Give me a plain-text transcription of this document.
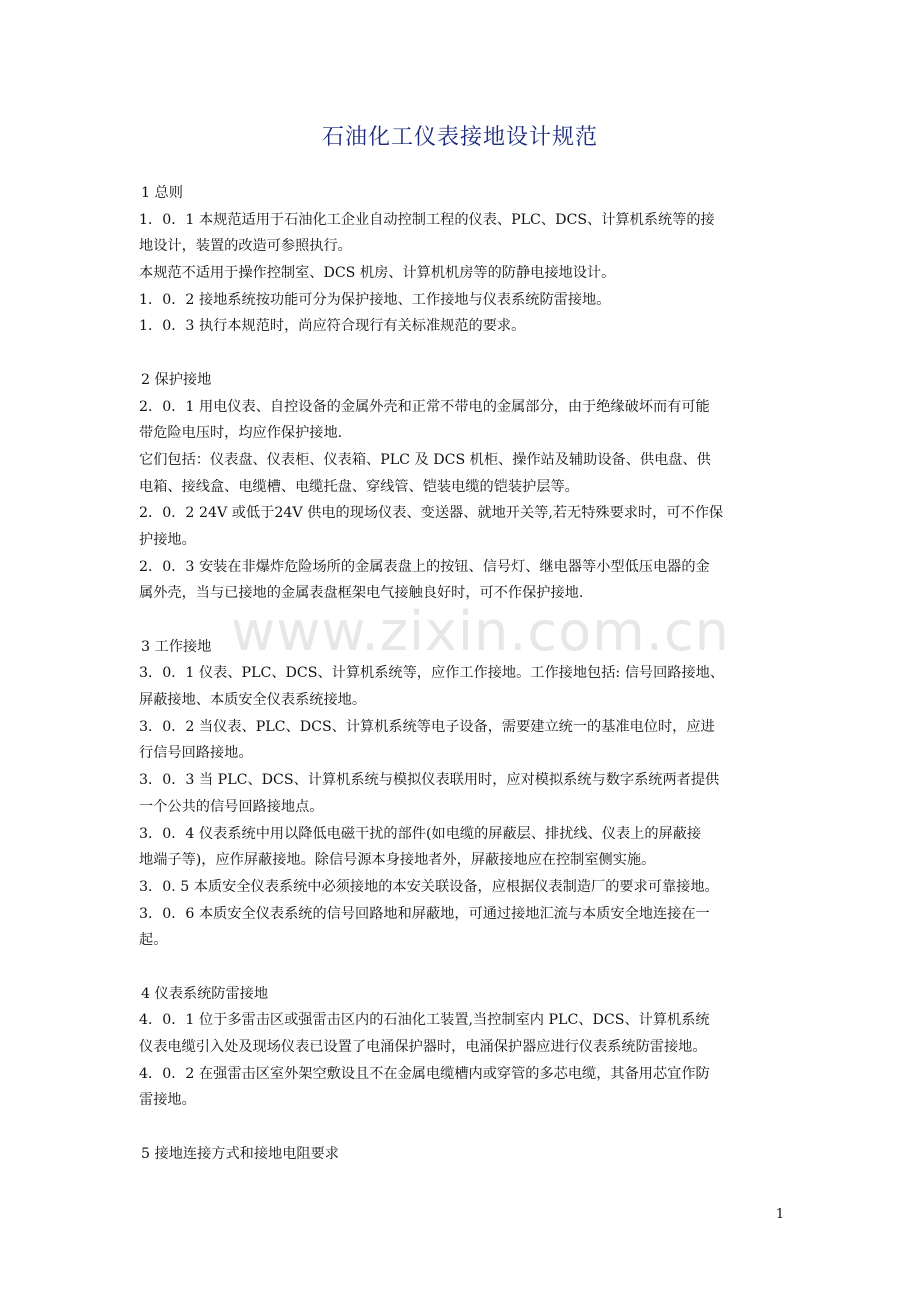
石油化工仪表接地设计规范
www.zixin.com.cn
1 总则
1．0．1 本规范适用于石油化工企业自动控制工程的仪表、PLC、DCS、计算机系统等的接
地设计，装置的改造可参照执行。
本规范不适用于操作控制室、DCS 机房、计算机机房等的防静电接地设计。
1．0．2 接地系统按功能可分为保护接地、工作接地与仪表系统防雷接地。
1．0．3 执行本规范时，尚应符合现行有关标准规范的要求。
2 保护接地
2．0．1 用电仪表、自控设备的金属外壳和正常不带电的金属部分，由于绝缘破坏而有可能
带危险电压时，均应作保护接地.
它们包括：仪表盘、仪表柜、仪表箱、PLC 及 DCS 机柜、操作站及辅助设备、供电盘、供
电箱、接线盒、电缆槽、电缆托盘、穿线管、铠装电缆的铠装护层等。
2．0．2 24V 或低于24V 供电的现场仪表、变送器、就地开关等,若无特殊要求时，可不作保
护接地。
2．0．3 安装在非爆炸危险场所的金属表盘上的按钮、信号灯、继电器等小型低压电器的金
属外壳，当与已接地的金属表盘框架电气接触良好时，可不作保护接地.
3 工作接地
3．0．1 仪表、PLC、DCS、计算机系统等，应作工作接地。工作接地包括: 信号回路接地、
屏蔽接地、本质安全仪表系统接地。
3．0．2 当仪表、PLC、DCS、计算机系统等电子设备，需要建立统一的基准电位时，应进
行信号回路接地。
3．0．3 当 PLC、DCS、计算机系统与模拟仪表联用时，应对模拟系统与数字系统两者提供
一个公共的信号回路接地点。
3．0．4 仪表系统中用以降低电磁干扰的部件(如电缆的屏蔽层、排扰线、仪表上的屏蔽接
地端子等)，应作屏蔽接地。除信号源本身接地者外，屏蔽接地应在控制室侧实施。
3．0. 5 本质安全仪表系统中必须接地的本安关联设备，应根据仪表制造厂的要求可靠接地。
3．0．6 本质安全仪表系统的信号回路地和屏蔽地，可通过接地汇流与本质安全地连接在一
起。
4 仪表系统防雷接地
4．0．1 位于多雷击区或强雷击区内的石油化工装置,当控制室内 PLC、DCS、计算机系统
仪表电缆引入处及现场仪表已设置了电涌保护器时，电涌保护器应进行仪表系统防雷接地。
4．0．2 在强雷击区室外架空敷设且不在金属电缆槽内或穿管的多芯电缆，其备用芯宜作防
雷接地。
5 接地连接方式和接地电阻要求
1
